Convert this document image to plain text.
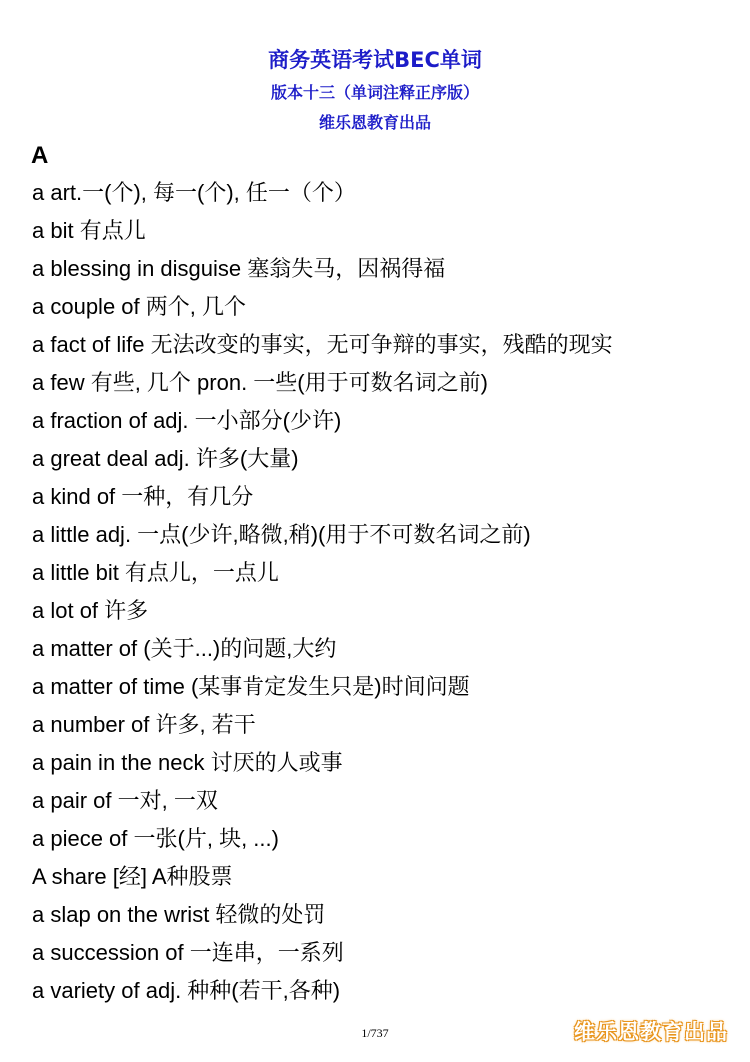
商务英语考试BEC单词
版本十三（单词注释正序版）
维乐恩教育出品
A
a art.一(个), 每一(个), 任一（个）
a bit 有点儿
a blessing in disguise 塞翁失马，因祸得福
a couple of 两个, 几个
a fact of life 无法改变的事实，无可争辩的事实，残酷的现实
a few 有些, 几个 pron. 一些(用于可数名词之前)
a fraction of adj. 一小部分(少许)
a great deal adj. 许多(大量)
a kind of 一种，有几分
a little adj. 一点(少许,略微,稍)(用于不可数名词之前)
a little bit 有点儿，一点儿
a lot of 许多
a matter of (关于...)的问题,大约
a matter of time (某事肯定发生只是)时间问题
a number of 许多, 若干
a pain in the neck 讨厌的人或事
a pair of 一对, 一双
a piece of 一张(片, 块, ...)
A share [经] A种股票
a slap on the wrist 轻微的处罚
a succession of 一连串，一系列
a variety of adj. 种种(若干,各种)
1/737	维乐恩教育出品
